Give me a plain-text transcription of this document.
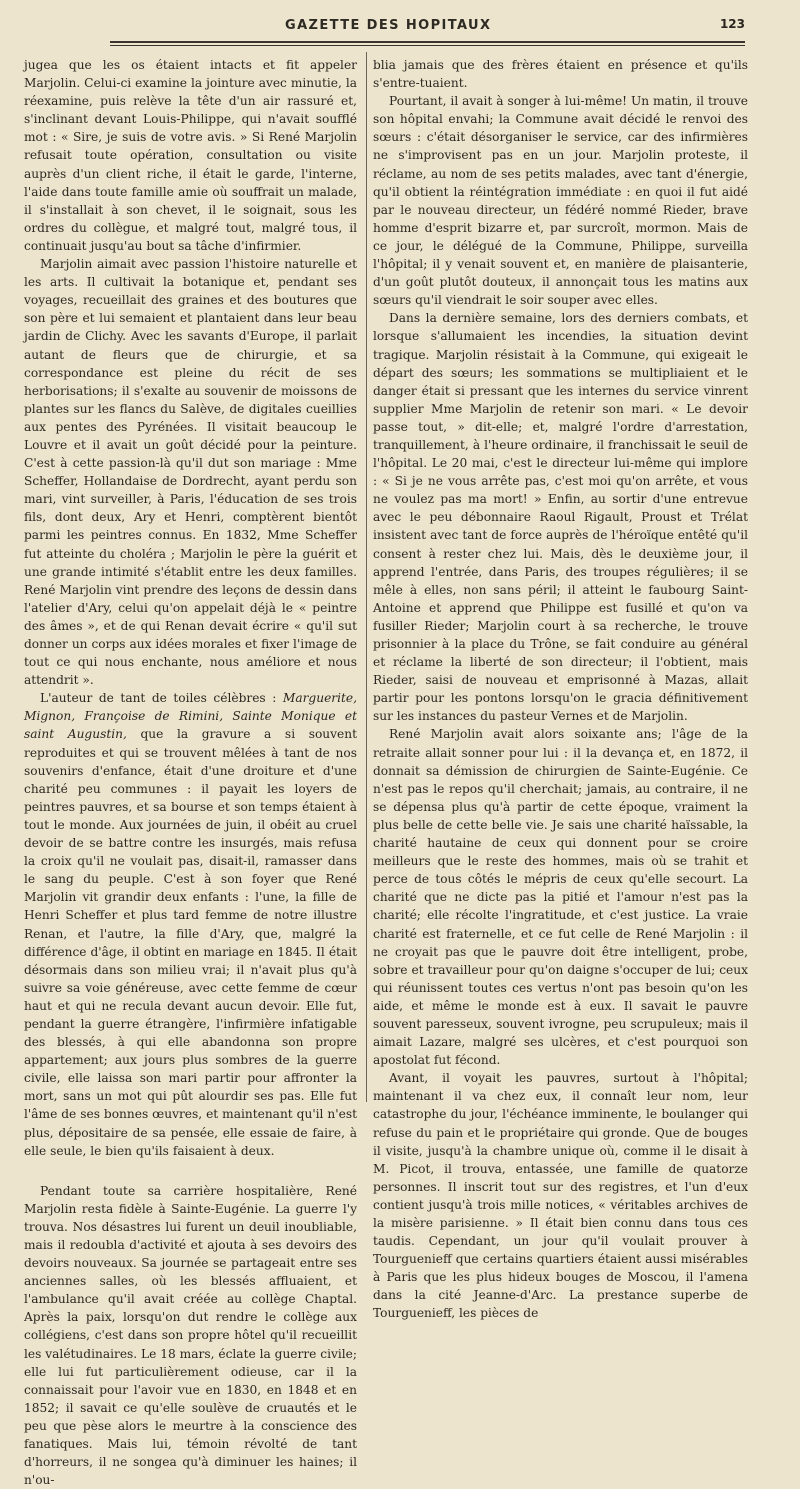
GAZETTE DES HOPITAUX	123

jugea que les os étaient intacts et fit appeler Marjolin. Celui-ci examine la jointure avec minutie, la réexamine, puis relève la tête d'un air rassuré et, s'inclinant devant Louis-Philippe, qui n'avait soufflé mot : « Sire, je suis de votre avis. » Si René Marjolin refusait toute opération, consultation ou visite auprès d'un client riche, il était le garde, l'interne, l'aide dans toute famille amie où souffrait un malade, il s'installait à son chevet, il le soignait, sous les ordres du collègue, et malgré tout, malgré tous, il continuait jusqu'au bout sa tâche d'infirmier.

Marjolin aimait avec passion l'histoire naturelle et les arts. Il cultivait la botanique et, pendant ses voyages, recueillait des graines et des boutures que son père et lui semaient et plantaient dans leur beau jardin de Clichy. Avec les savants d'Europe, il parlait autant de fleurs que de chirurgie, et sa correspondance est pleine du récit de ses herborisations; il s'exalte au souvenir de moissons de plantes sur les flancs du Salève, de digitales cueillies aux pentes des Pyrénées. Il visitait beaucoup le Louvre et il avait un goût décidé pour la peinture. C'est à cette passion-là qu'il dut son mariage : Mme Scheffer, Hollandaise de Dordrecht, ayant perdu son mari, vint surveiller, à Paris, l'éducation de ses trois fils, dont deux, Ary et Henri, comptèrent bientôt parmi les peintres connus. En 1832, Mme Scheffer fut atteinte du choléra ; Marjolin le père la guérit et une grande intimité s'établit entre les deux familles. René Marjolin vint prendre des leçons de dessin dans l'atelier d'Ary, celui qu'on appelait déjà le « peintre des âmes », et de qui Renan devait écrire « qu'il sut donner un corps aux idées morales et fixer l'image de tout ce qui nous enchante, nous améliore et nous attendrit ».

L'auteur de tant de toiles célèbres : Marguerite, Mignon, Françoise de Rimini, Sainte Monique et saint Augustin, que la gravure a si souvent reproduites et qui se trouvent mêlées à tant de nos souvenirs d'enfance, était d'une droiture et d'une charité peu communes : il payait les loyers de peintres pauvres, et sa bourse et son temps étaient à tout le monde. Aux journées de juin, il obéit au cruel devoir de se battre contre les insurgés, mais refusa la croix qu'il ne voulait pas, disait-il, ramasser dans le sang du peuple. C'est à son foyer que René Marjolin vit grandir deux enfants : l'une, la fille de Henri Scheffer et plus tard femme de notre illustre Renan, et l'autre, la fille d'Ary, que, malgré la différence d'âge, il obtint en mariage en 1845. Il était désormais dans son milieu vrai; il n'avait plus qu'à suivre sa voie généreuse, avec cette femme de cœur haut et qui ne recula devant aucun devoir. Elle fut, pendant la guerre étrangère, l'infirmière infatigable des blessés, à qui elle abandonna son propre appartement; aux jours plus sombres de la guerre civile, elle laissa son mari partir pour affronter la mort, sans un mot qui pût alourdir ses pas. Elle fut l'âme de ses bonnes œuvres, et maintenant qu'il n'est plus, dépositaire de sa pensée, elle essaie de faire, à elle seule, le bien qu'ils faisaient à deux.

Pendant toute sa carrière hospitalière, René Marjolin resta fidèle à Sainte-Eugénie. La guerre l'y trouva. Nos désastres lui furent un deuil inoubliable, mais il redoubla d'activité et ajouta à ses devoirs des devoirs nouveaux. Sa journée se partageait entre ses anciennes salles, où les blessés affluaient, et l'ambulance qu'il avait créée au collège Chaptal. Après la paix, lorsqu'on dut rendre le collège aux collégiens, c'est dans son propre hôtel qu'il recueillit les valétudinaires. Le 18 mars, éclate la guerre civile; elle lui fut particulièrement odieuse, car il la connaissait pour l'avoir vue en 1830, en 1848 et en 1852; il savait ce qu'elle soulève de cruautés et le peu que pèse alors le meurtre à la conscience des fanatiques. Mais lui, témoin révolté de tant d'horreurs, il ne songea qu'à diminuer les haines; il n'ou-

blia jamais que des frères étaient en présence et qu'ils s'entre-tuaient.

Pourtant, il avait à songer à lui-même! Un matin, il trouve son hôpital envahi; la Commune avait décidé le renvoi des sœurs : c'était désorganiser le service, car des infirmières ne s'improvisent pas en un jour. Marjolin proteste, il réclame, au nom de ses petits malades, avec tant d'énergie, qu'il obtient la réintégration immédiate : en quoi il fut aidé par le nouveau directeur, un fédéré nommé Rieder, brave homme d'esprit bizarre et, par surcroît, mormon. Mais de ce jour, le délégué de la Commune, Philippe, surveilla l'hôpital; il y venait souvent et, en manière de plaisanterie, d'un goût plutôt douteux, il annonçait tous les matins aux sœurs qu'il viendrait le soir souper avec elles.

Dans la dernière semaine, lors des derniers combats, et lorsque s'allumaient les incendies, la situation devint tragique. Marjolin résistait à la Commune, qui exigeait le départ des sœurs; les sommations se multipliaient et le danger était si pressant que les internes du service vinrent supplier Mme Marjolin de retenir son mari. « Le devoir passe tout, » dit-elle; et, malgré l'ordre d'arrestation, tranquillement, à l'heure ordinaire, il franchissait le seuil de l'hôpital. Le 20 mai, c'est le directeur lui-même qui implore : « Si je ne vous arrête pas, c'est moi qu'on arrête, et vous ne voulez pas ma mort! » Enfin, au sortir d'une entrevue avec le peu débonnaire Raoul Rigault, Proust et Trélat insistent avec tant de force auprès de l'héroïque entêté qu'il consent à rester chez lui. Mais, dès le deuxième jour, il apprend l'entrée, dans Paris, des troupes régulières; il se mêle à elles, non sans péril; il atteint le faubourg Saint-Antoine et apprend que Philippe est fusillé et qu'on va fusiller Rieder; Marjolin court à sa recherche, le trouve prisonnier à la place du Trône, se fait conduire au général et réclame la liberté de son directeur; il l'obtient, mais Rieder, saisi de nouveau et emprisonné à Mazas, allait partir pour les pontons lorsqu'on le gracia définitivement sur les instances du pasteur Vernes et de Marjolin.

René Marjolin avait alors soixante ans; l'âge de la retraite allait sonner pour lui : il la devança et, en 1872, il donnait sa démission de chirurgien de Sainte-Eugénie. Ce n'est pas le repos qu'il cherchait; jamais, au contraire, il ne se dépensa plus qu'à partir de cette époque, vraiment la plus belle de cette belle vie. Je sais une charité haïssable, la charité hautaine de ceux qui donnent pour se croire meilleurs que le reste des hommes, mais où se trahit et perce de tous côtés le mépris de ceux qu'elle secourt. La charité que ne dicte pas la pitié et l'amour n'est pas la charité; elle récolte l'ingratitude, et c'est justice. La vraie charité est fraternelle, et ce fut celle de René Marjolin : il ne croyait pas que le pauvre doit être intelligent, probe, sobre et travailleur pour qu'on daigne s'occuper de lui; ceux qui réunissent toutes ces vertus n'ont pas besoin qu'on les aide, et même le monde est à eux. Il savait le pauvre souvent paresseux, souvent ivrogne, peu scrupuleux; mais il aimait Lazare, malgré ses ulcères, et c'est pourquoi son apostolat fut fécond.

Avant, il voyait les pauvres, surtout à l'hôpital; maintenant il va chez eux, il connaît leur nom, leur catastrophe du jour, l'échéance imminente, le boulanger qui refuse du pain et le propriétaire qui gronde. Que de bouges il visite, jusqu'à la chambre unique où, comme il le disait à M. Picot, il trouva, entassée, une famille de quatorze personnes. Il inscrit tout sur des registres, et l'un d'eux contient jusqu'à trois mille notices, « véritables archives de la misère parisienne. » Il était bien connu dans tous ces taudis. Cependant, un jour qu'il voulait prouver à Tourguenieff que certains quartiers étaient aussi misérables à Paris que les plus hideux bouges de Moscou, il l'amena dans la cité Jeanne-d'Arc. La prestance superbe de Tourguenieff, les pièces de
